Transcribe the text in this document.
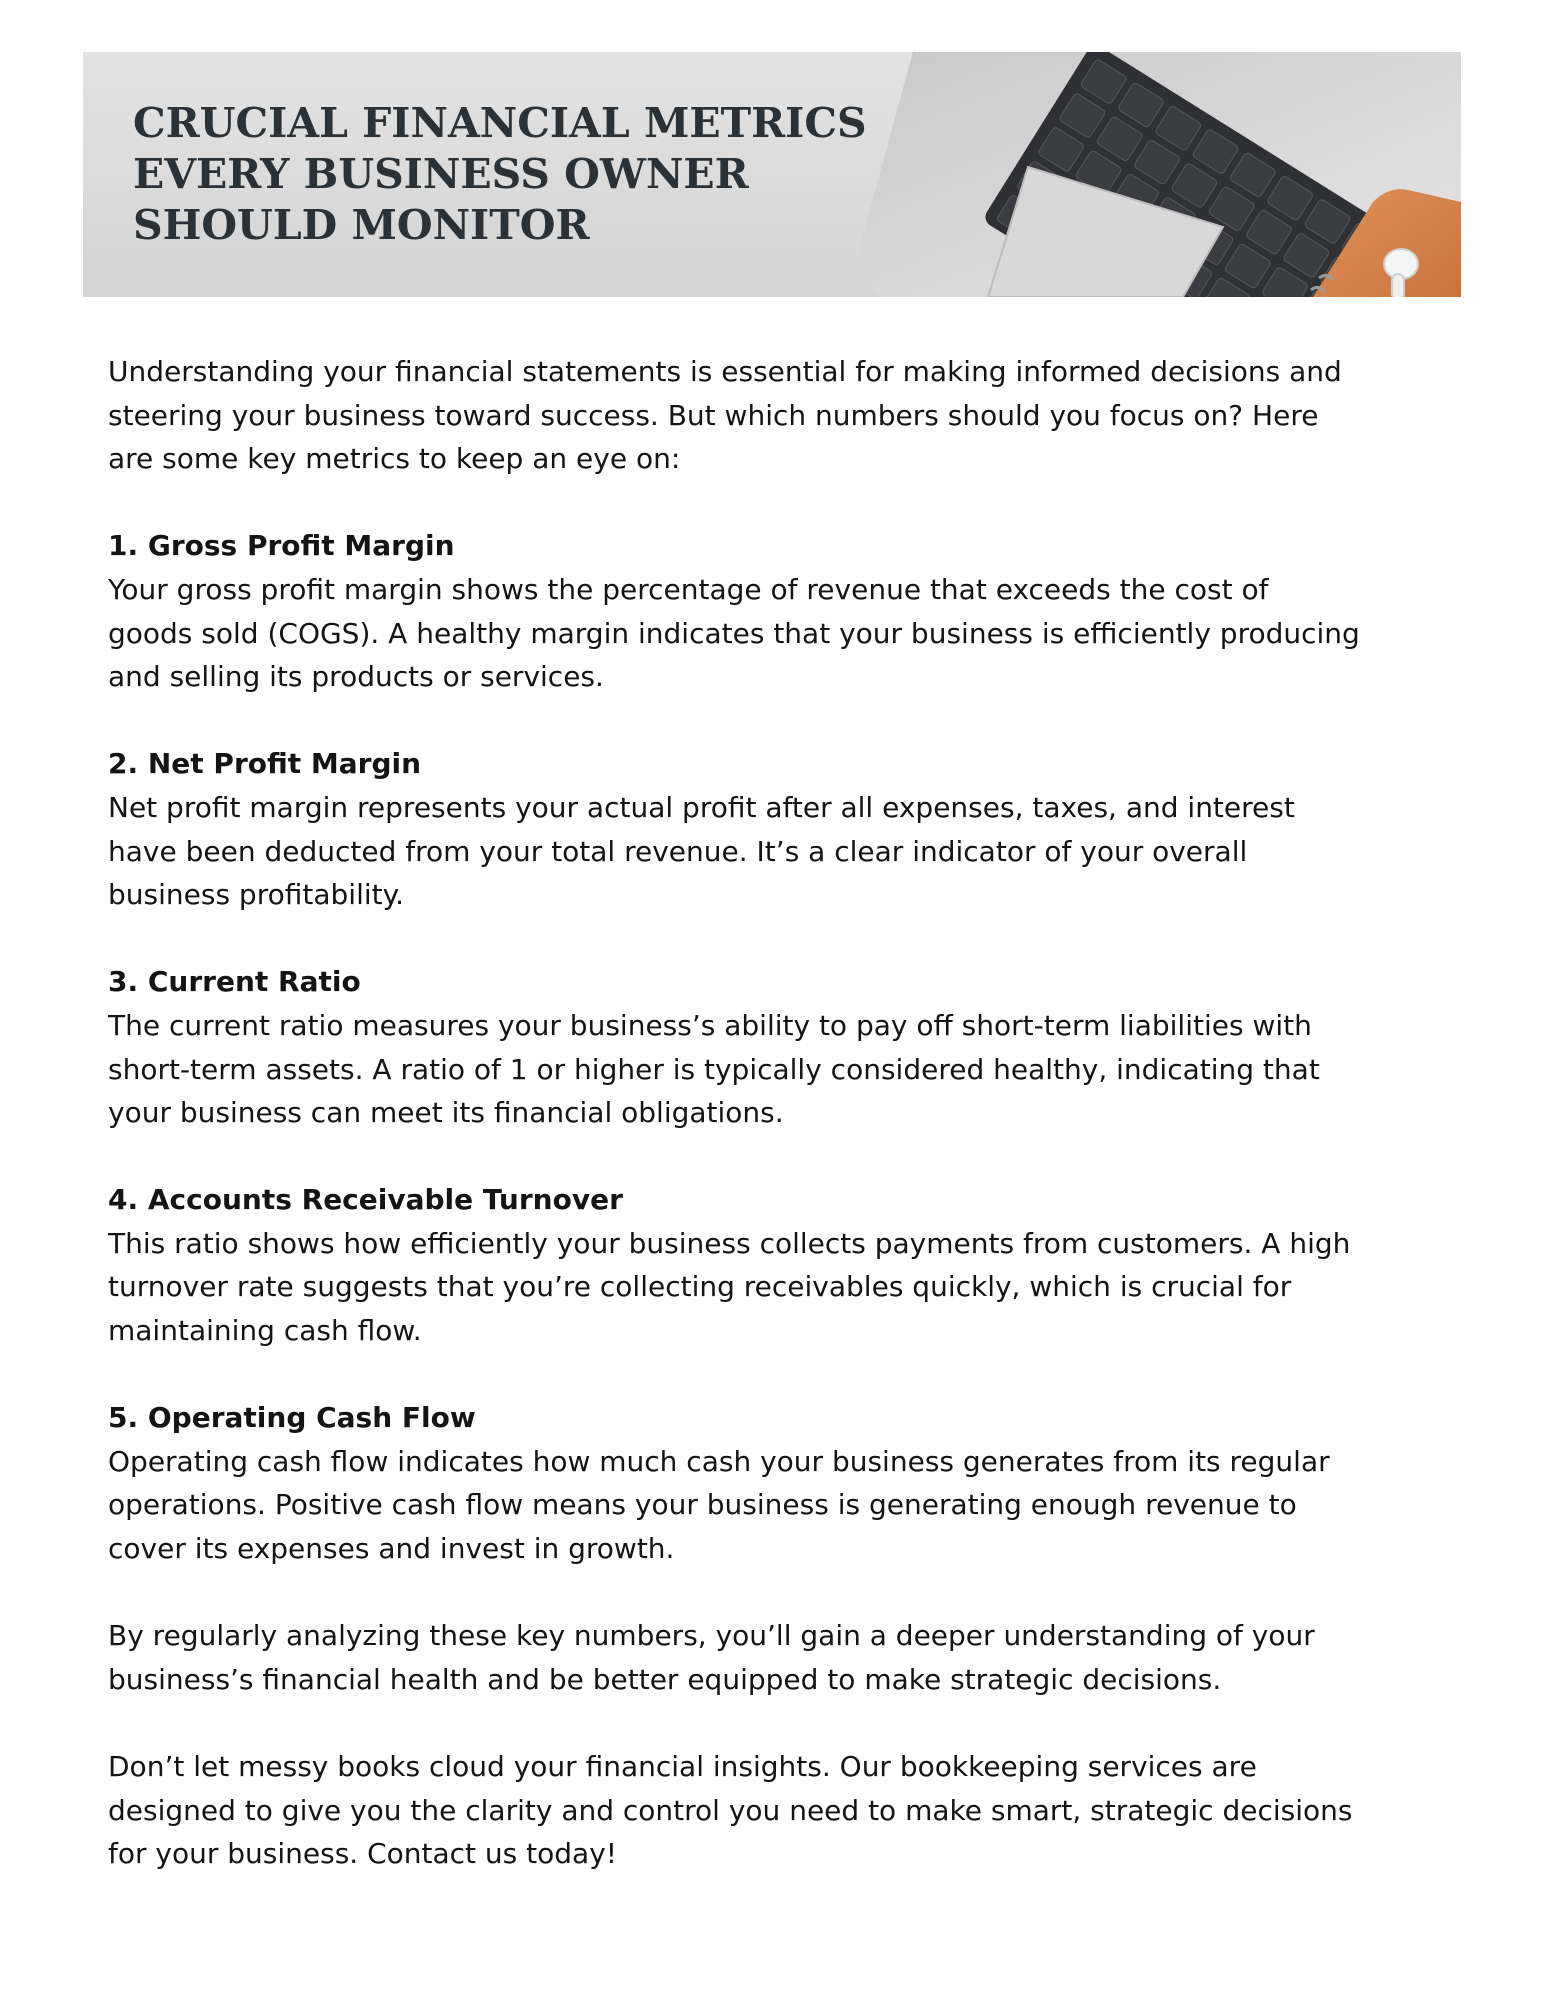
CRUCIAL FINANCIAL METRICS
EVERY BUSINESS OWNER
SHOULD MONITOR

Understanding your financial statements is essential for making informed decisions and
steering your business toward success. But which numbers should you focus on? Here
are some key metrics to keep an eye on:

1. Gross Profit Margin

Your gross profit margin shows the percentage of revenue that exceeds the cost of
goods sold (COGS). A healthy margin indicates that your business is efficiently producing
and selling its products or services.

2. Net Profit Margin

Net profit margin represents your actual profit after all expenses, taxes, and interest
have been deducted from your total revenue. It’s a clear indicator of your overall
business profitability.

3. Current Ratio

The current ratio measures your business’s ability to pay off short-term liabilities with
short-term assets. A ratio of 1 or higher is typically considered healthy, indicating that
your business can meet its financial obligations.

4. Accounts Receivable Turnover

This ratio shows how efficiently your business collects payments from customers. A high
turnover rate suggests that you’re collecting receivables quickly, which is crucial for
maintaining cash flow.

5. Operating Cash Flow

Operating cash flow indicates how much cash your business generates from its regular
operations. Positive cash flow means your business is generating enough revenue to
cover its expenses and invest in growth.

By regularly analyzing these key numbers, you’ll gain a deeper understanding of your
business’s financial health and be better equipped to make strategic decisions.

Don’t let messy books cloud your financial insights. Our bookkeeping services are
designed to give you the clarity and control you need to make smart, strategic decisions
for your business. Contact us today!
